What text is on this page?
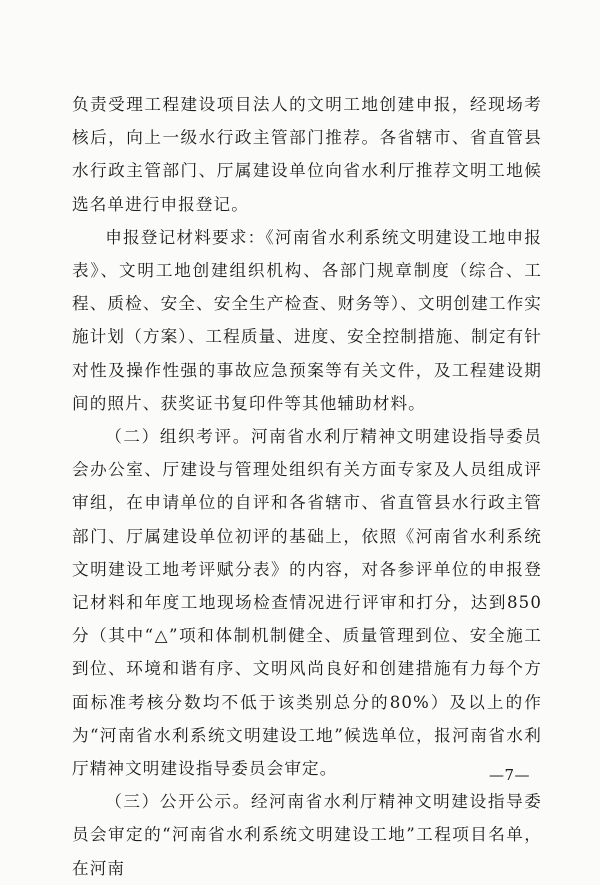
负责受理工程建设项目法人的文明工地创建申报，经现场考核后，向上一级水行政主管部门推荐。各省辖市、省直管县水行政主管部门、厅属建设单位向省水利厅推荐文明工地候选名单进行申报登记。

申报登记材料要求：《河南省水利系统文明建设工地申报表》、文明工地创建组织机构、各部门规章制度（综合、工程、质检、安全、安全生产检查、财务等）、文明创建工作实施计划（方案）、工程质量、进度、安全控制措施、制定有针对性及操作性强的事故应急预案等有关文件，及工程建设期间的照片、获奖证书复印件等其他辅助材料。

（二）组织考评。河南省水利厅精神文明建设指导委员会办公室、厅建设与管理处组织有关方面专家及人员组成评审组，在申请单位的自评和各省辖市、省直管县水行政主管部门、厅属建设单位初评的基础上，依照《河南省水利系统文明建设工地考评赋分表》的内容，对各参评单位的申报登记材料和年度工地现场检查情况进行评审和打分，达到850分（其中“△”项和体制机制健全、质量管理到位、安全施工到位、环境和谐有序、文明风尚良好和创建措施有力每个方面标准考核分数均不低于该类别总分的80%）及以上的作为“河南省水利系统文明建设工地”候选单位，报河南省水利厅精神文明建设指导委员会审定。

（三）公开公示。经河南省水利厅精神文明建设指导委员会审定的“河南省水利系统文明建设工地”工程项目名单，在河南

—7—
